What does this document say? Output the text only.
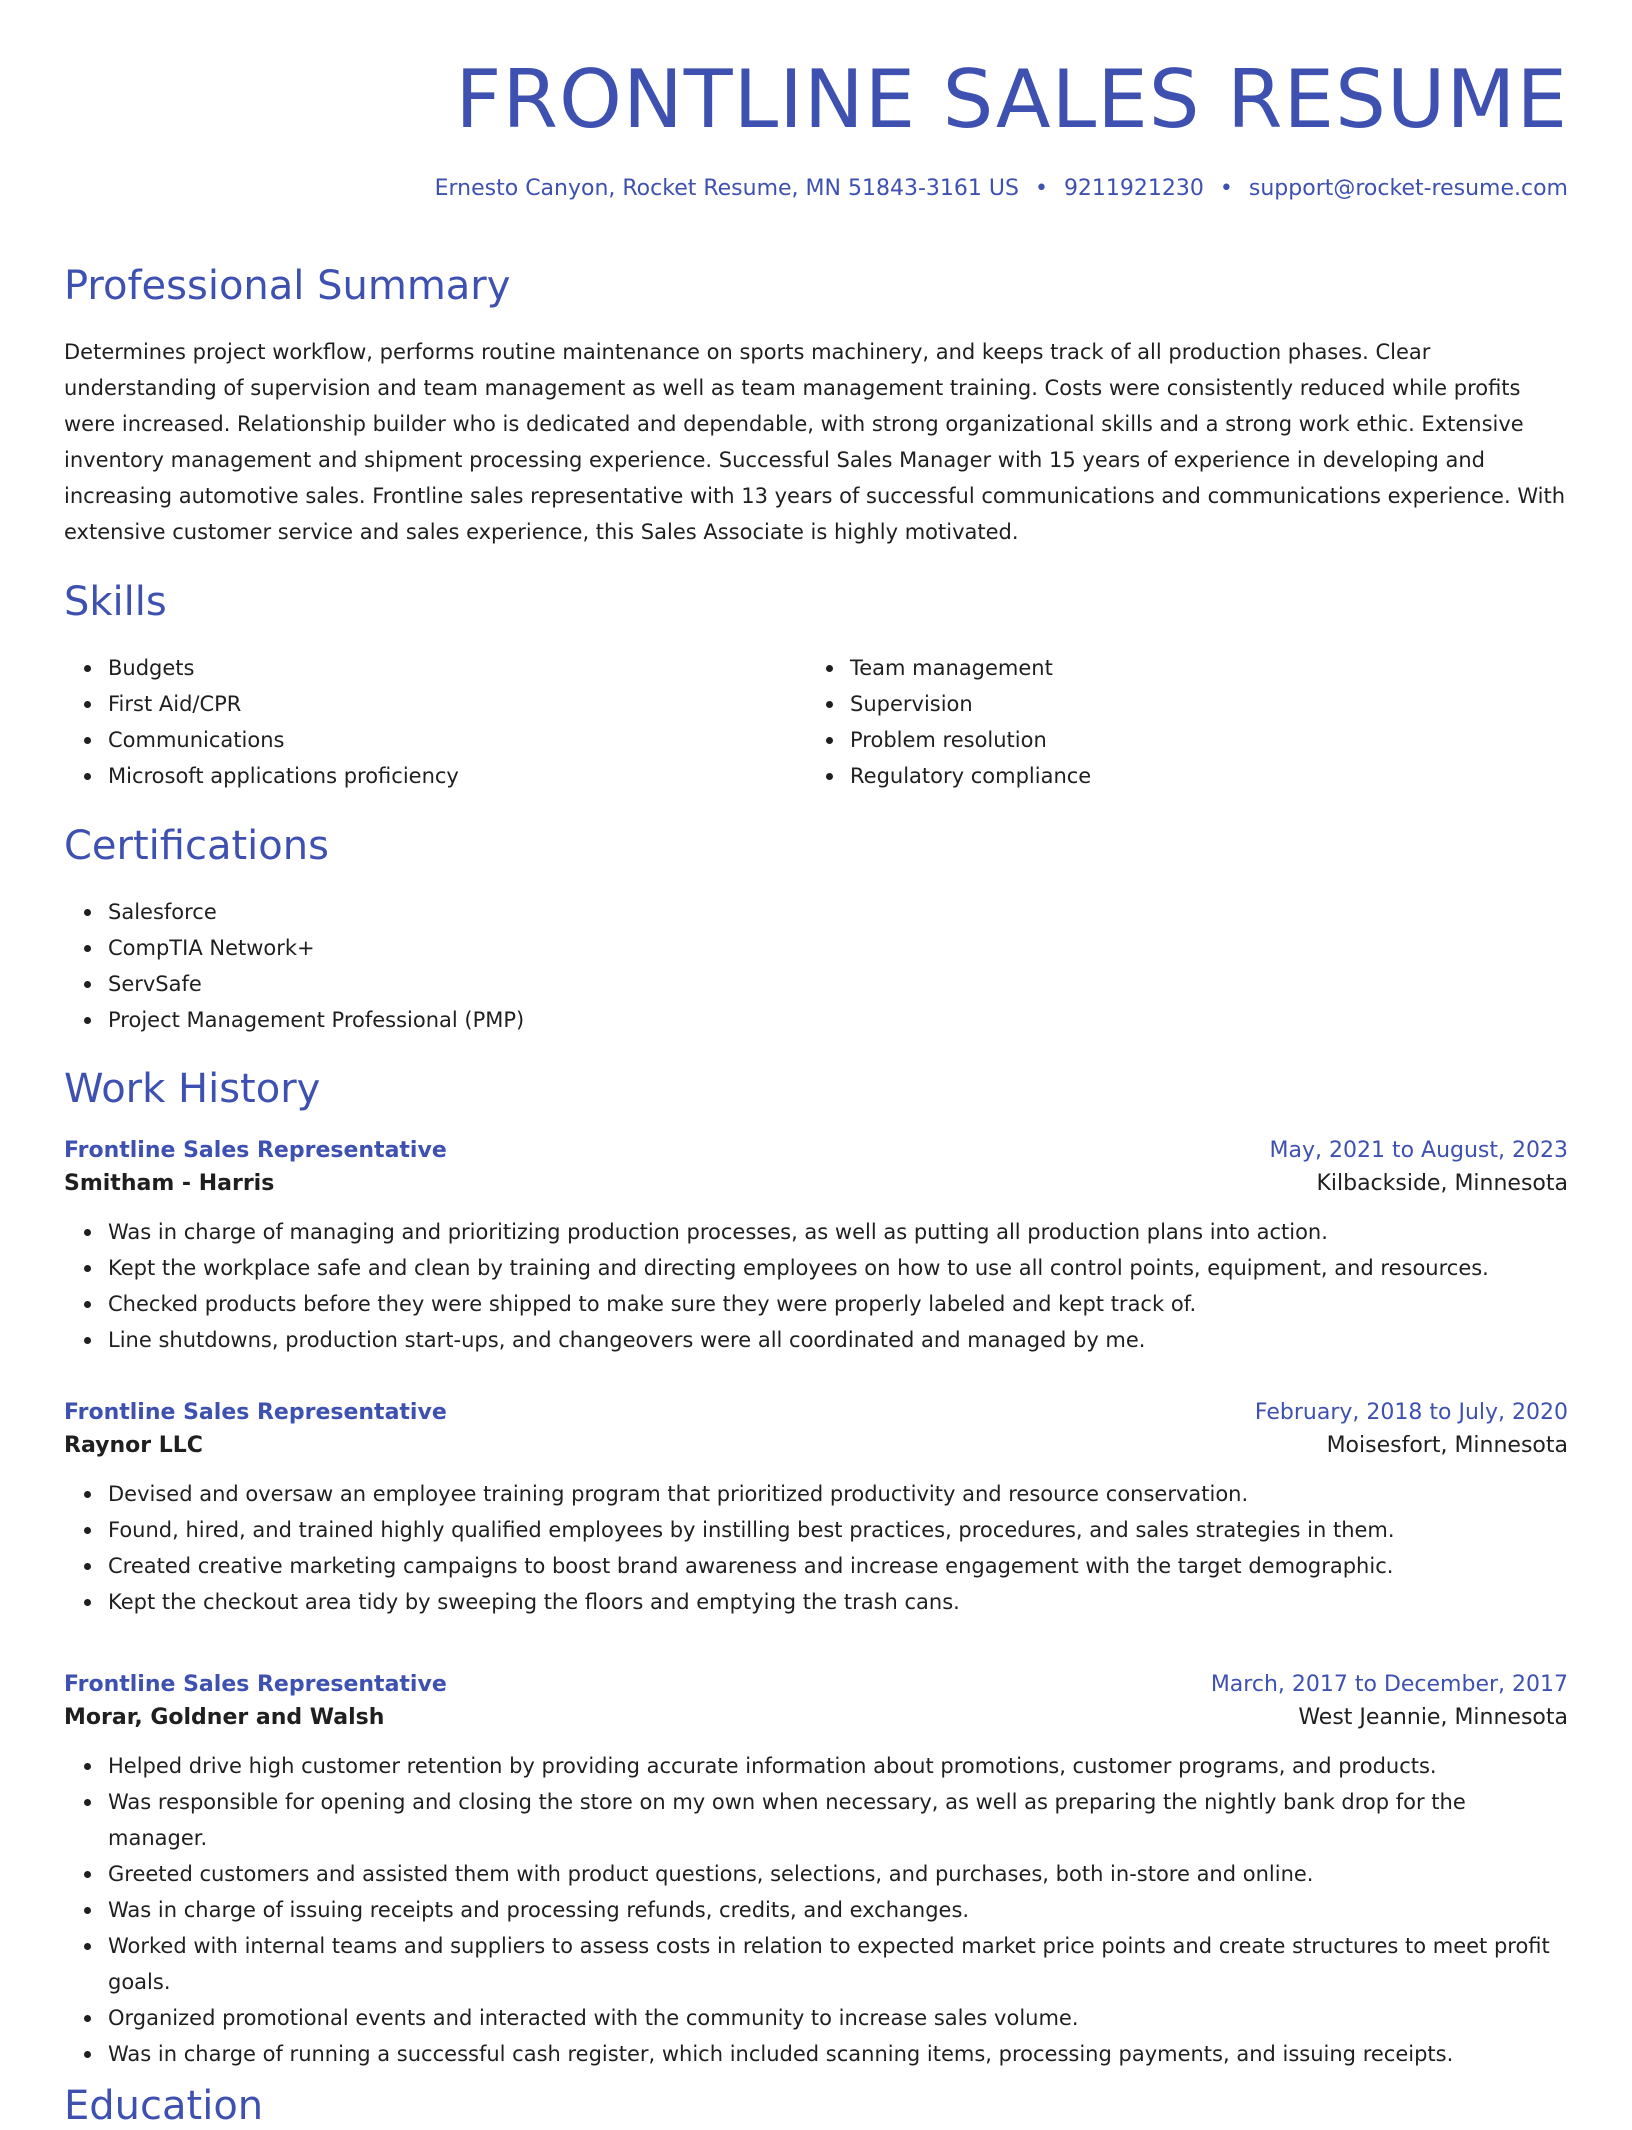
FRONTLINE SALES RESUME
Ernesto Canyon, Rocket Resume, MN 51843-3161 US • 9211921230 • support@rocket-resume.com
Professional Summary

Determines project workflow, performs routine maintenance on sports machinery, and keeps track of all production phases. Clear understanding of supervision and team management as well as team management training. Costs were consistently reduced while profits were increased. Relationship builder who is dedicated and dependable, with strong organizational skills and a strong work ethic. Extensive inventory management and shipment processing experience. Successful Sales Manager with 15 years of experience in developing and increasing automotive sales. Frontline sales representative with 13 years of successful communications and communications experience. With extensive customer service and sales experience, this Sales Associate is highly motivated.

Skills
Budgets
First Aid/CPR
Communications
Microsoft applications proficiency
Team management
Supervision
Problem resolution
Regulatory compliance
Certifications
Salesforce
CompTIA Network+
ServSafe
Project Management Professional (PMP)
Work History
Frontline Sales Representative	May, 2021 to August, 2023
Smitham - Harris	Kilbackside, Minnesota
Was in charge of managing and prioritizing production processes, as well as putting all production plans into action.
Kept the workplace safe and clean by training and directing employees on how to use all control points, equipment, and resources.
Checked products before they were shipped to make sure they were properly labeled and kept track of.
Line shutdowns, production start-ups, and changeovers were all coordinated and managed by me.
Frontline Sales Representative	February, 2018 to July, 2020
Raynor LLC	Moisesfort, Minnesota
Devised and oversaw an employee training program that prioritized productivity and resource conservation.
Found, hired, and trained highly qualified employees by instilling best practices, procedures, and sales strategies in them.
Created creative marketing campaigns to boost brand awareness and increase engagement with the target demographic.
Kept the checkout area tidy by sweeping the floors and emptying the trash cans.
Frontline Sales Representative	March, 2017 to December, 2017
Morar, Goldner and Walsh	West Jeannie, Minnesota
Helped drive high customer retention by providing accurate information about promotions, customer programs, and products.
Was responsible for opening and closing the store on my own when necessary, as well as preparing the nightly bank drop for the manager.
Greeted customers and assisted them with product questions, selections, and purchases, both in-store and online.
Was in charge of issuing receipts and processing refunds, credits, and exchanges.
Worked with internal teams and suppliers to assess costs in relation to expected market price points and create structures to meet profit goals.
Organized promotional events and interacted with the community to increase sales volume.
Was in charge of running a successful cash register, which included scanning items, processing payments, and issuing receipts.
Education
